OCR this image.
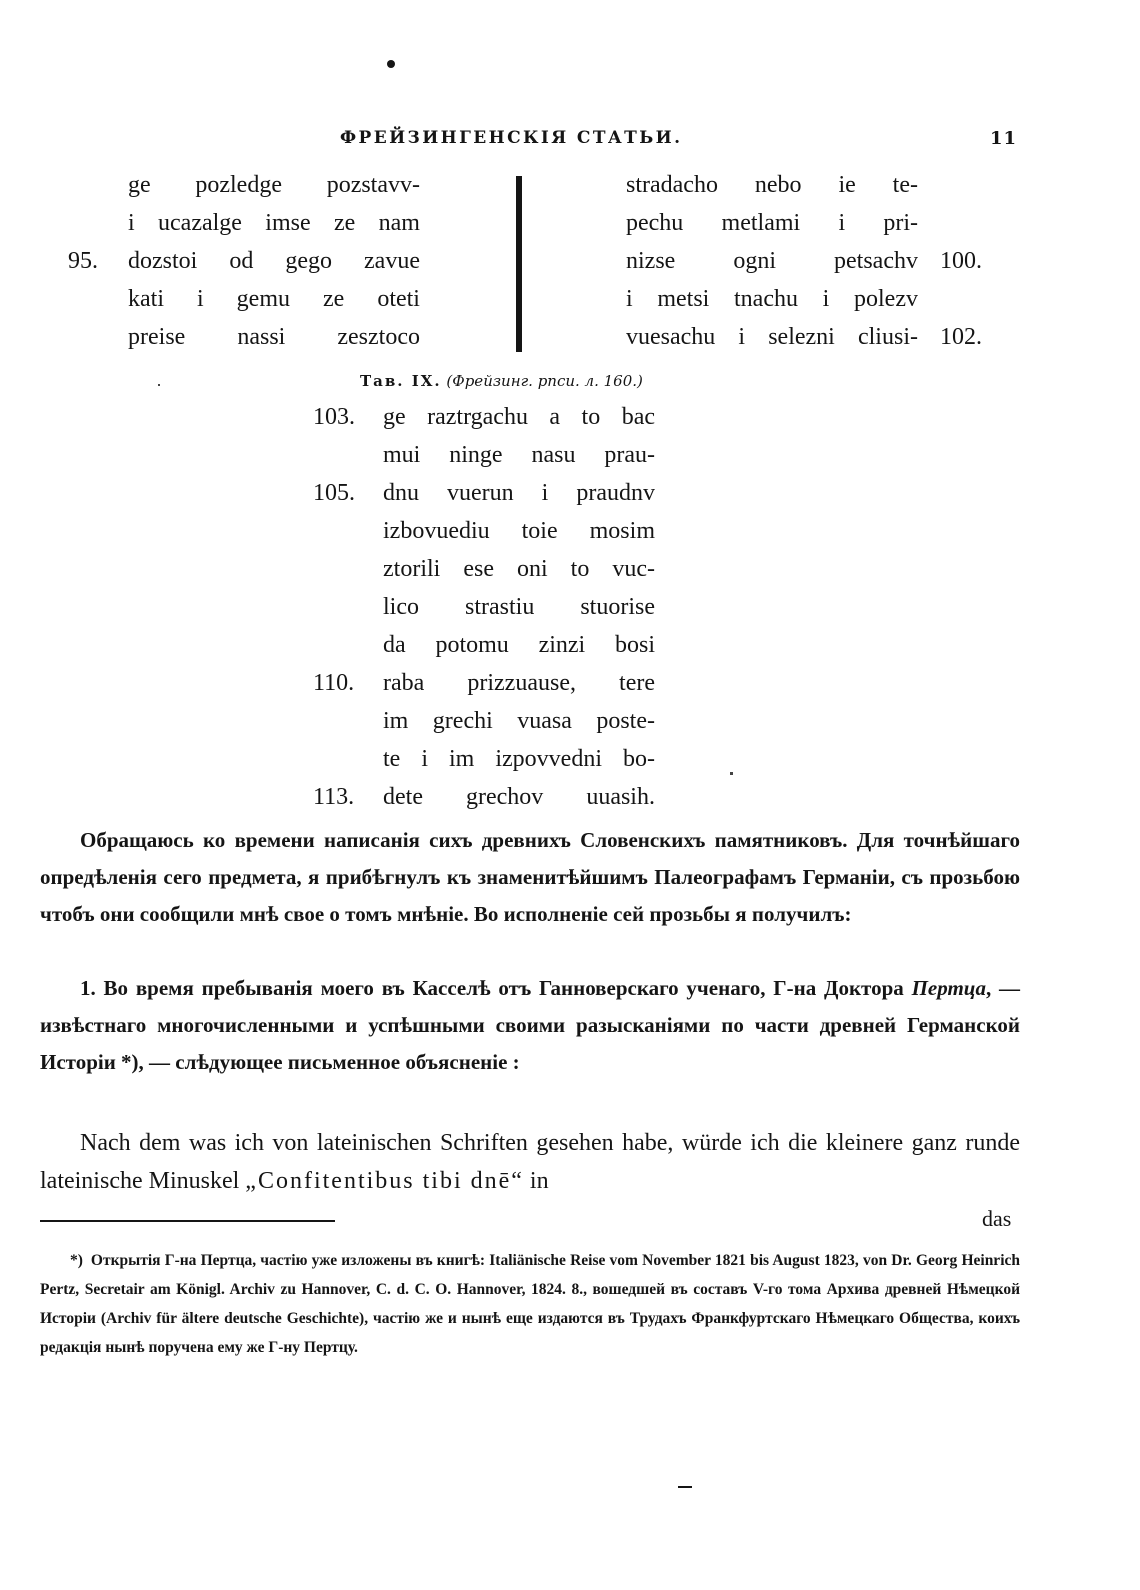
ФРЕЙЗИНГЕНСКІЯ СТАТЬИ.	11
ge pozledge pozstavv-
i ucazalge imse ze nam
dozstoi od gego zavue
kati i gemu ze oteti
preise nassi zesztoco
95.
stradacho nebo ie te-
pechu metlami i pri-
nizse ogni petsachv
i metsi tnachu i polezv
vuesachu i selezni cliusi-
100.
102.
Тав. IX. (Фрейзинг. рпси. л. 160.)
103.
105.
110.
113.
ge raztrgachu a to bac
mui ninge nasu prau-
dnu vuerun i praudnv
izbovuediu toie mosim
ztorili ese oni to vuc-
lico strastiu stuorise
da potomu zinzi bosi
raba prizzuause, tere
im grechi vuasa poste-
te i im izpovvedni bo-
dete grechov uuasih.

Обращаюсь ко времени написанія сихъ древнихъ Словенскихъ памятниковъ. Для точнѣйшаго опредѣленія сего предмета, я прибѣгнулъ къ знаменитѣйшимъ Палеографамъ Германіи, съ прозьбою чтобъ они сообщили мнѣ свое о томъ мнѣніе. Во исполненіе сей прозьбы я получилъ:

1. Во время пребыванія моего въ Касселѣ отъ Ганноверскаго ученаго, Г-на Доктора Пертца, — извѣстнаго многочисленными и успѣшными своими разысканіями по части древней Германской Исторіи *), — слѣдующее письменное объясненіе :

Nach dem was ich von lateinischen Schriften gesehen habe, würde ich die kleinere ganz runde lateinische Minuskel „Confitentibus tibi dnē“ in

das

*) Открытія Г-на Пертца, частію уже изложены въ книгѣ: Italiänische Reise vom November 1821 bis August 1823, von Dr. Georg Heinrich Pertz, Secretair am Königl. Archiv zu Hannover, C. d. C. O. Hannover, 1824. 8., вошедшей въ составъ V-го тома Архива древней Нѣмецкой Исторіи (Archiv für ältere deutsche Geschichte), частію же и нынѣ еще издаются въ Трудахъ Франкфуртскаго Нѣмецкаго Общества, коихъ редакція нынѣ поручена ему же Г-ну Пертцу.
